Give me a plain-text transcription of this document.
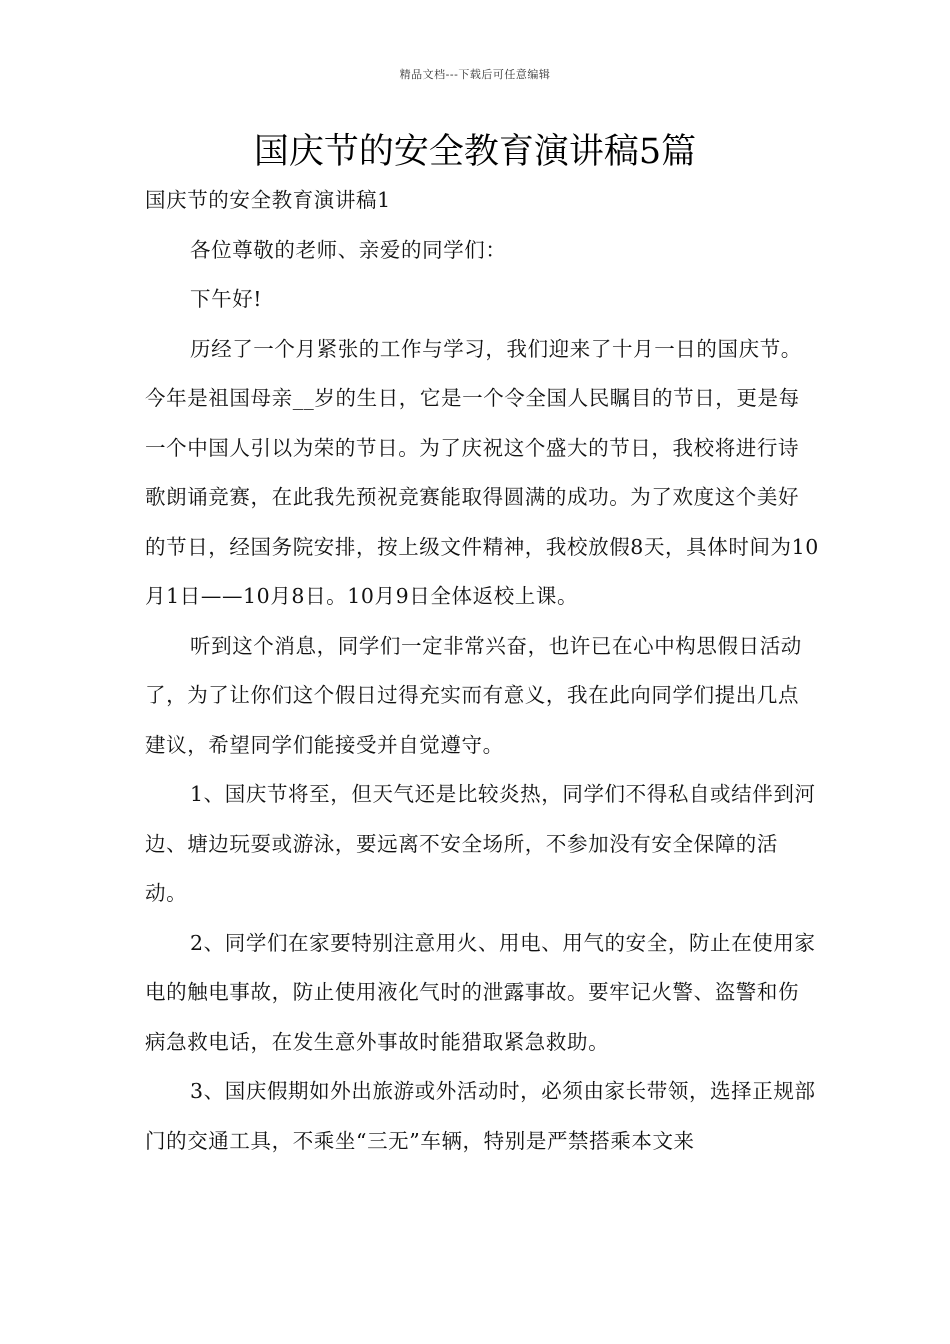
精品文档---下载后可任意编辑
国庆节的安全教育演讲稿5篇

国庆节的安全教育演讲稿1

各位尊敬的老师、亲爱的同学们：

下午好!

历经了一个月紧张的工作与学习，我们迎来了十月一日的国庆节。今年是祖国母亲__岁的生日，它是一个令全国人民瞩目的节日，更是每一个中国人引以为荣的节日。为了庆祝这个盛大的节日，我校将进行诗歌朗诵竞赛，在此我先预祝竞赛能取得圆满的成功。为了欢度这个美好的节日，经国务院安排，按上级文件精神，我校放假8天，具体时间为10月1日——10月8日。10月9日全体返校上课。

听到这个消息，同学们一定非常兴奋，也许已在心中构思假日活动了，为了让你们这个假日过得充实而有意义，我在此向同学们提出几点建议，希望同学们能接受并自觉遵守。

1、国庆节将至，但天气还是比较炎热，同学们不得私自或结伴到河边、塘边玩耍或游泳，要远离不安全场所，不参加没有安全保障的活动。

2、同学们在家要特别注意用火、用电、用气的安全，防止在使用家电的触电事故，防止使用液化气时的泄露事故。要牢记火警、盗警和伤病急救电话，在发生意外事故时能猎取紧急救助。

3、国庆假期如外出旅游或外活动时，必须由家长带领，选择正规部门的交通工具，不乘坐“三无”车辆，特别是严禁搭乘本文来
